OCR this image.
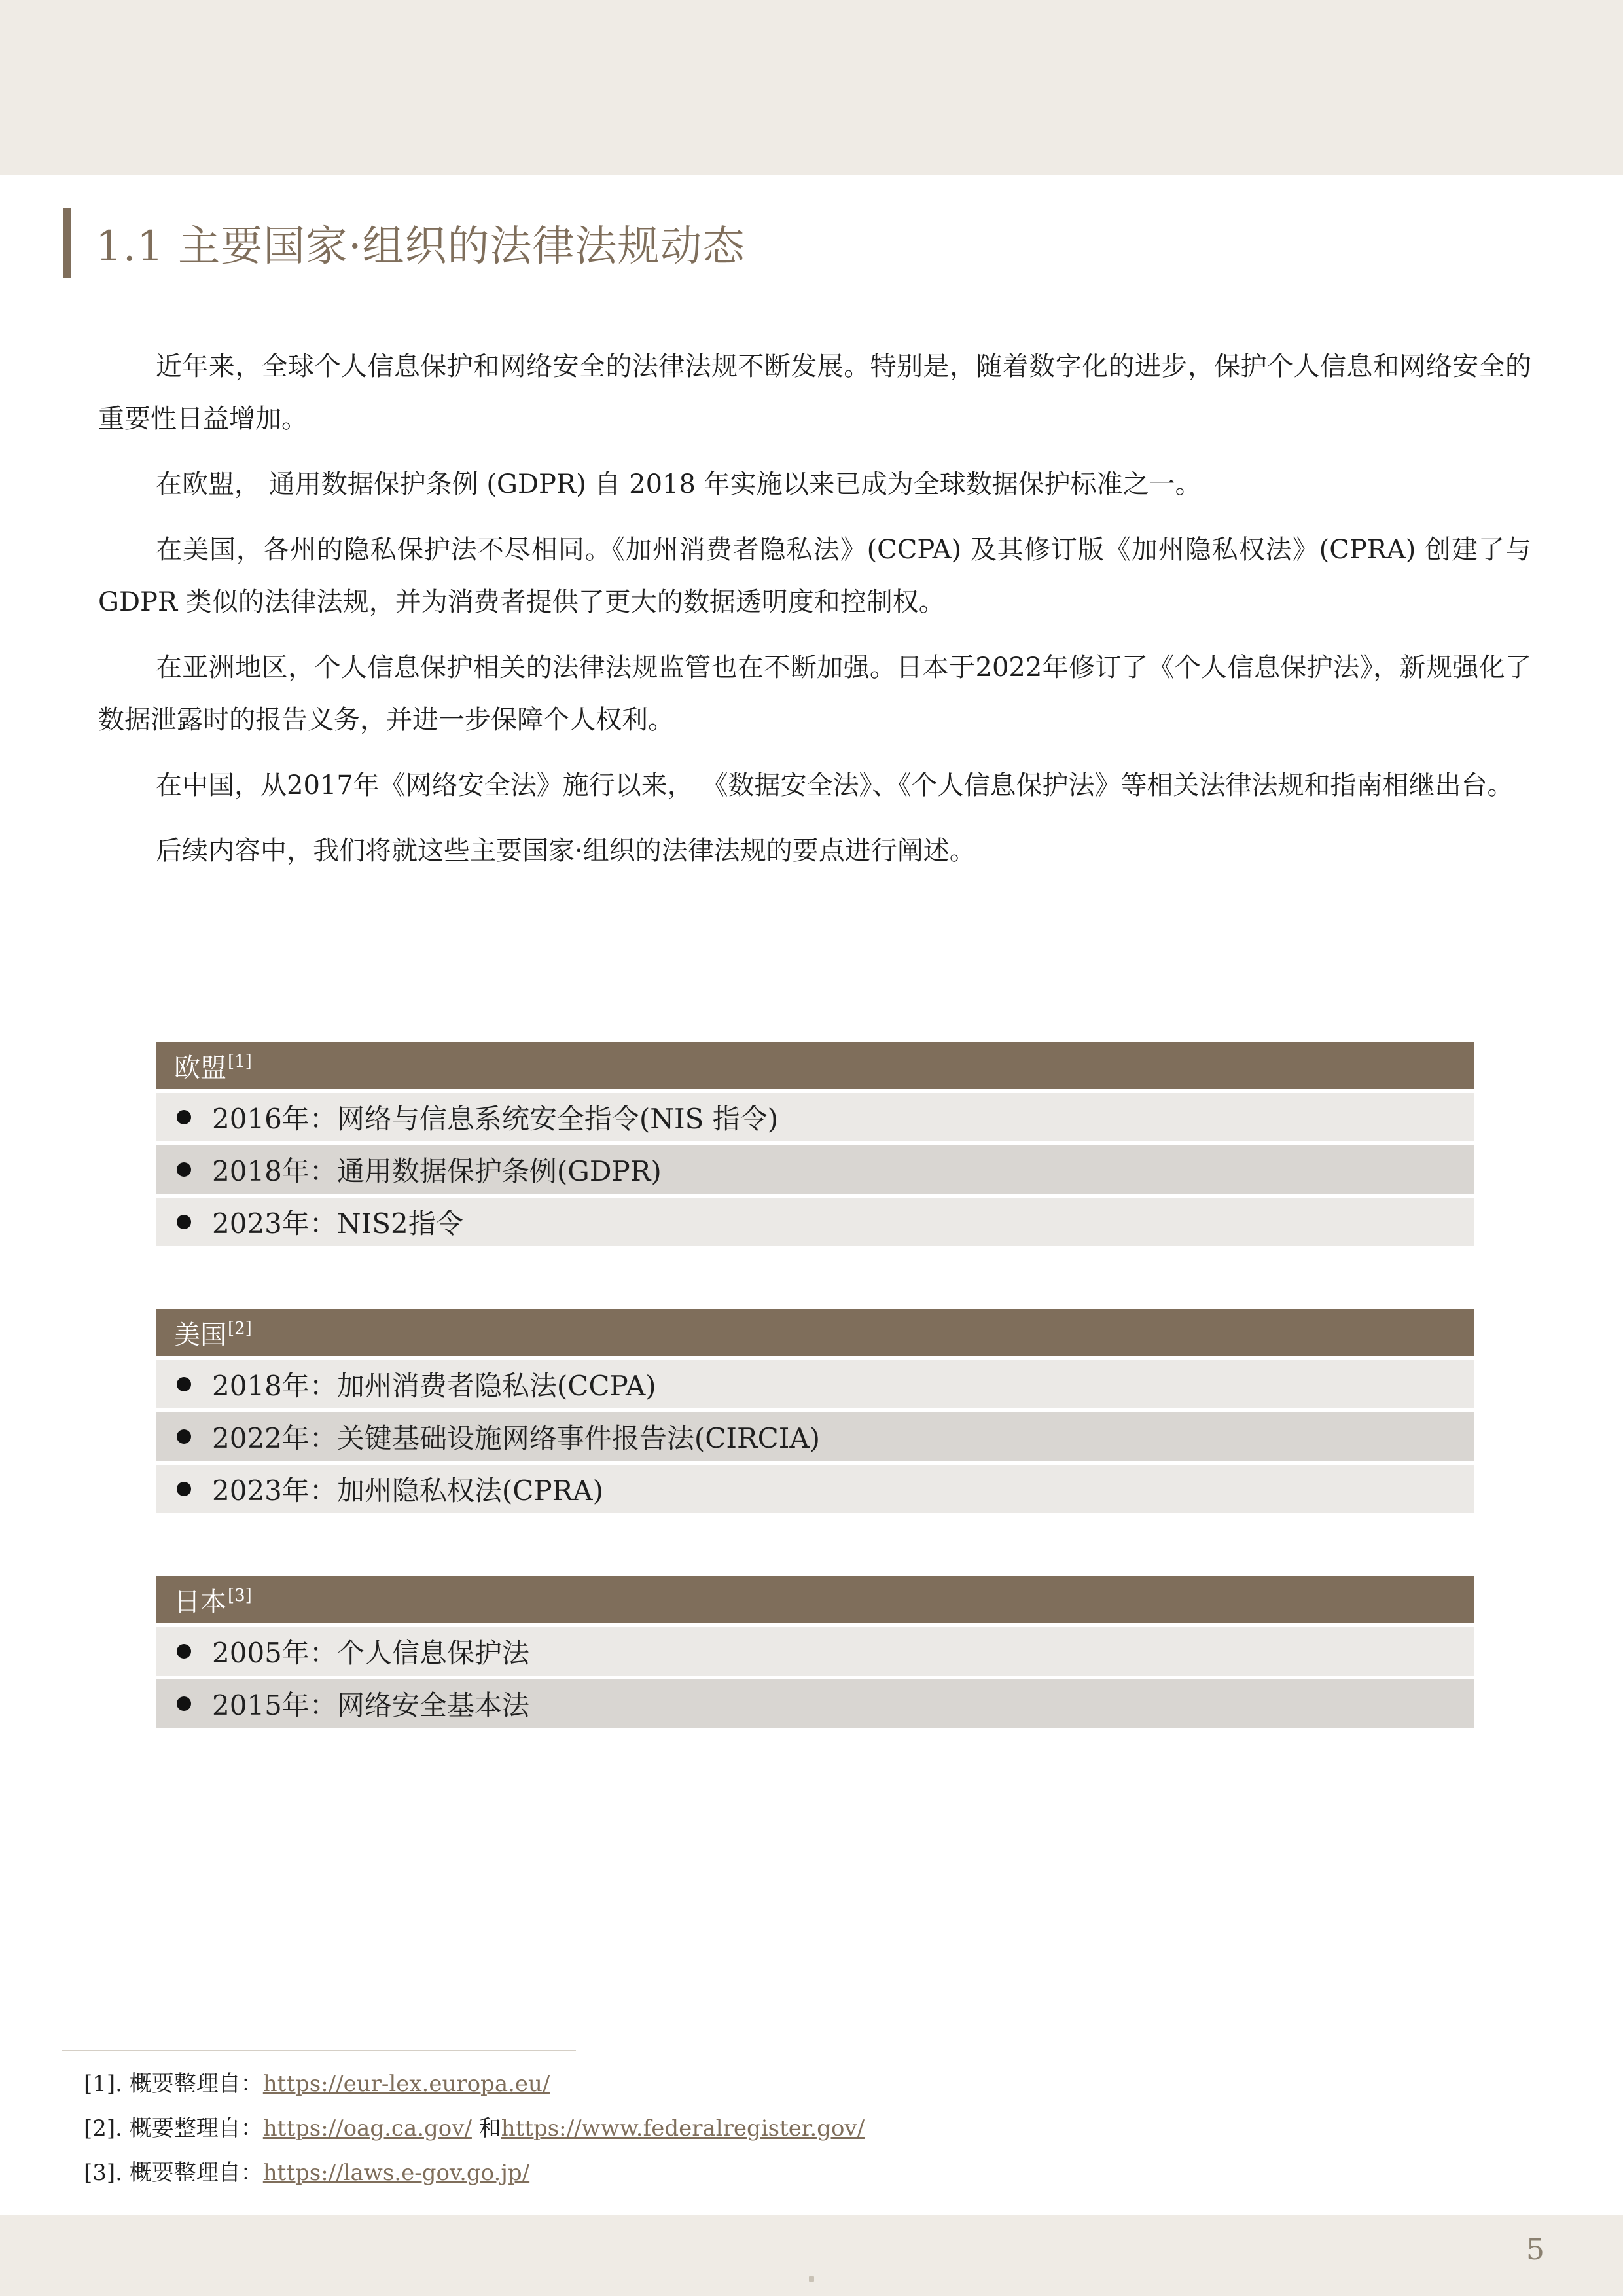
1.1 主要国家·组织的法律法规动态

近年来，全球个人信息保护和网络安全的法律法规不断发展。特别是，随着数字化的进步，保护个人信息和网络安全的重要性日益增加。

在欧盟， 通用数据保护条例 (GDPR) 自 2018 年实施以来已成为全球数据保护标准之一。

在美国，各州的隐私保护法不尽相同。《加州消费者隐私法》(CCPA) 及其修订版《加州隐私权法》(CPRA) 创建了与 GDPR 类似的法律法规，并为消费者提供了更大的数据透明度和控制权。

在亚洲地区，个人信息保护相关的法律法规监管也在不断加强。日本于2022年修订了《个人信息保护法》，新规强化了数据泄露时的报告义务，并进一步保障个人权利。

在中国，从2017年《网络安全法》施行以来， 《数据安全法》、《个人信息保护法》等相关法律法规和指南相继出台。

后续内容中，我们将就这些主要国家·组织的法律法规的要点进行阐述。

欧盟[1]
2016年：网络与信息系统安全指令(NIS 指令)
2018年：通用数据保护条例(GDPR)
2023年：NIS2指令
美国[2]
2018年：加州消费者隐私法(CCPA)
2022年：关键基础设施网络事件报告法(CIRCIA)
2023年：加州隐私权法(CPRA)
日本[3]
2005年：个人信息保护法
2015年：网络安全基本法
[1]. 概要整理自：https://eur-lex.europa.eu/
[2]. 概要整理自：https://oag.ca.gov/ 和https://www.federalregister.gov/
[3]. 概要整理自：https://laws.e-gov.go.jp/
5
